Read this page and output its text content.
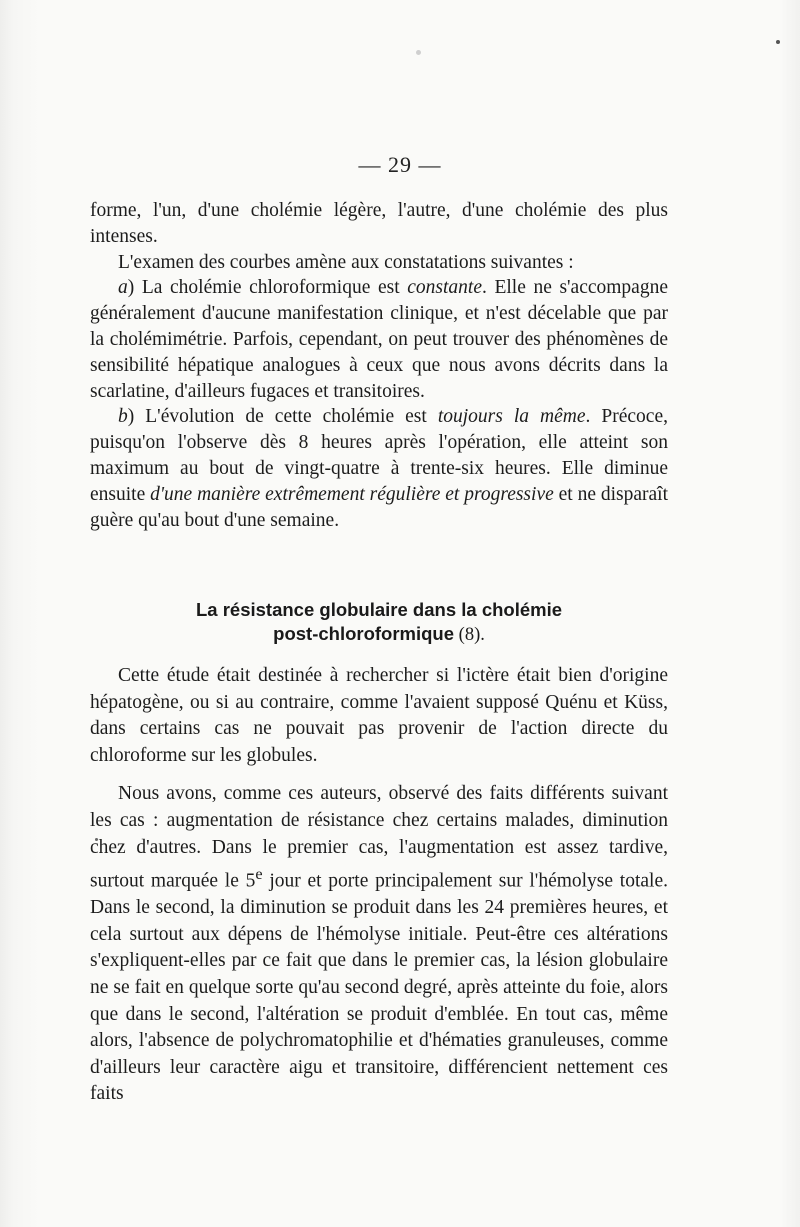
— 29 —

forme, l'un, d'une cholémie légère, l'autre, d'une cholémie des plus intenses.

L'examen des courbes amène aux constatations suivantes :

a) La cholémie chloroformique est constante. Elle ne s'accompagne généralement d'aucune manifestation clinique, et n'est décelable que par la cholémimétrie. Parfois, cependant, on peut trouver des phénomènes de sensibilité hépatique analogues à ceux que nous avons décrits dans la scarlatine, d'ailleurs fugaces et transitoires.

b) L'évolution de cette cholémie est toujours la même. Précoce, puisqu'on l'observe dès 8 heures après l'opération, elle atteint son maximum au bout de vingt-quatre à trente-six heures. Elle diminue ensuite d'une manière extrêmement régulière et progressive et ne disparaît guère qu'au bout d'une semaine.

La résistance globulaire dans la cholémie
post-chloroformique (8).

Cette étude était destinée à rechercher si l'ictère était bien d'origine hépatogène, ou si au contraire, comme l'avaient supposé Quénu et Küss, dans certains cas ne pouvait pas provenir de l'action directe du chloroforme sur les globules.

Nous avons, comme ces auteurs, observé des faits différents suivant les cas : augmentation de résistance chez certains malades, diminution chez d'autres. Dans le premier cas, l'augmentation est assez tardive, surtout marquée le 5e jour et porte principalement sur l'hémolyse totale. Dans le second, la diminution se produit dans les 24 premières heures, et cela surtout aux dépens de l'hémolyse initiale. Peut-être ces altérations s'expliquent-elles par ce fait que dans le premier cas, la lésion globulaire ne se fait en quelque sorte qu'au second degré, après atteinte du foie, alors que dans le second, l'altération se produit d'emblée. En tout cas, même alors, l'absence de polychromatophilie et d'hématies granuleuses, comme d'ailleurs leur caractère aigu et transitoire, différencient nettement ces faits
